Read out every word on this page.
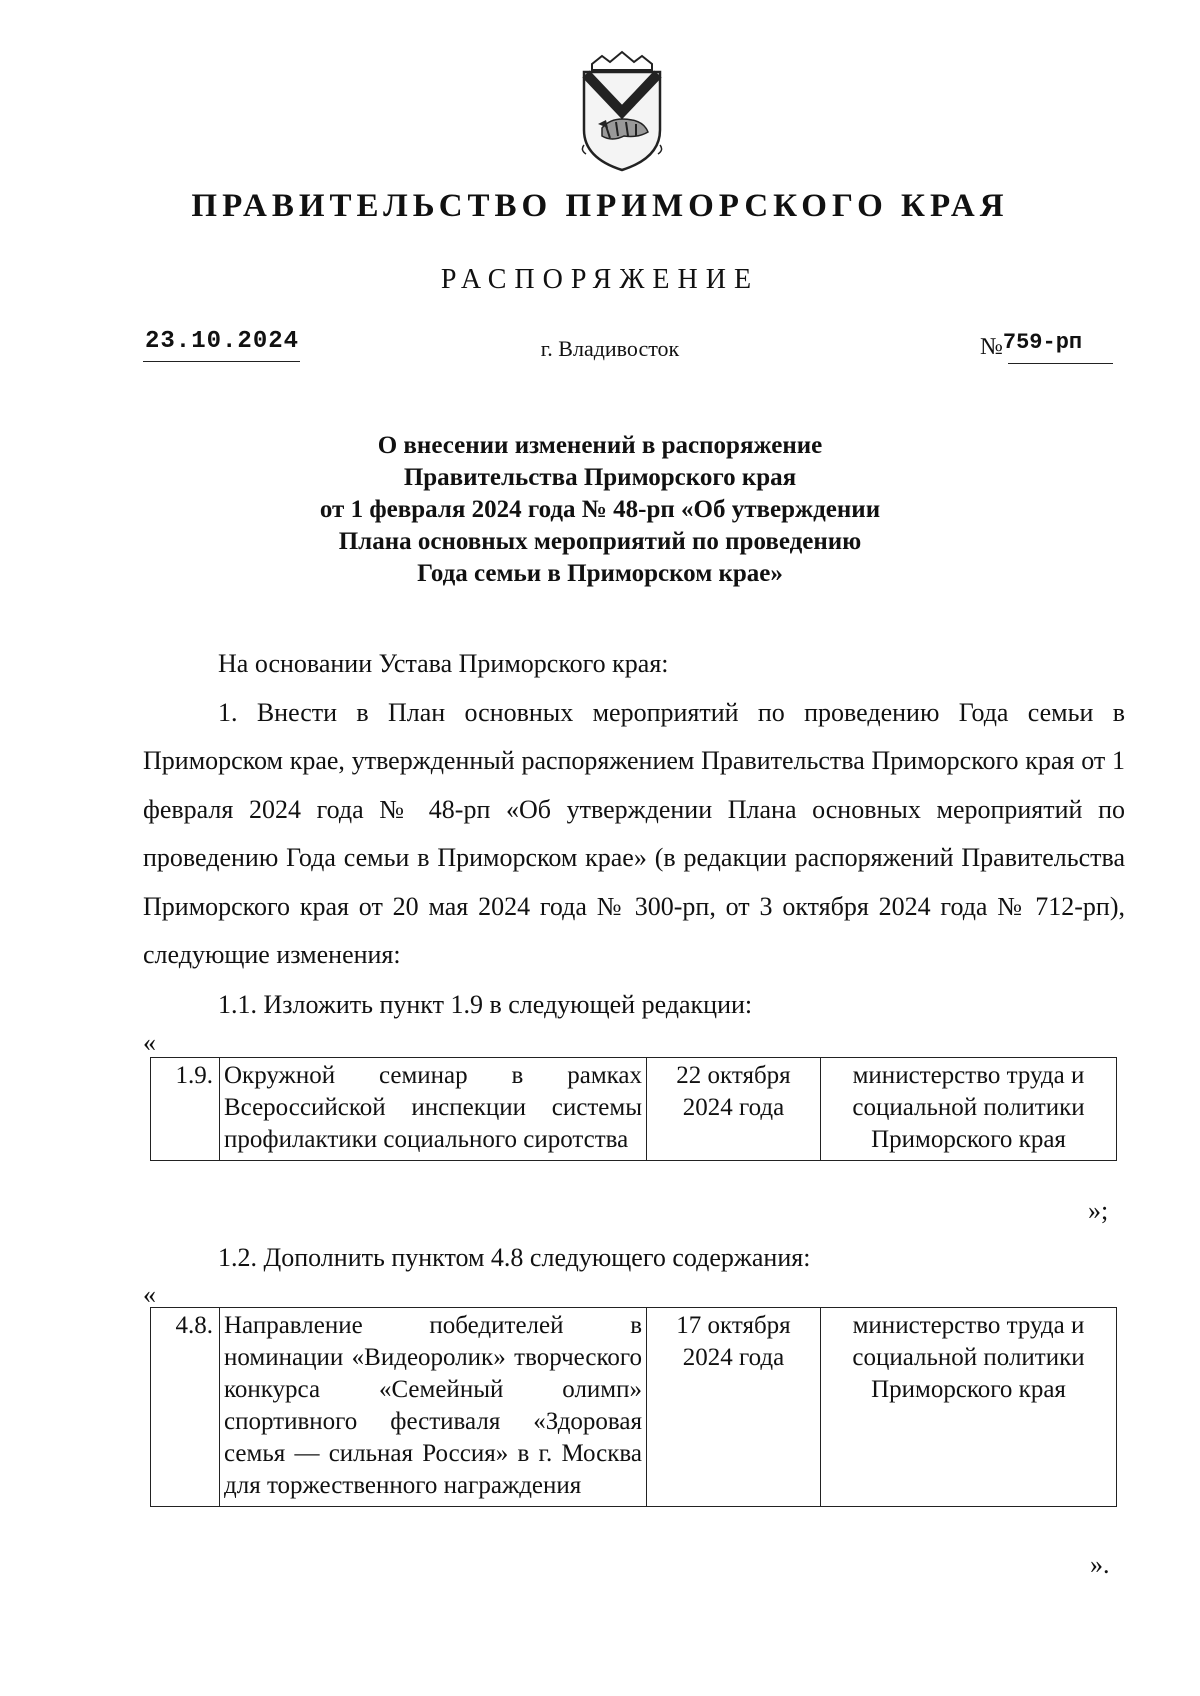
ПРАВИТЕЛЬСТВО ПРИМОРСКОГО КРАЯ
РАСПОРЯЖЕНИЕ
23.10.2024	г. Владивосток	№759-рп
О внесении изменений в распоряжение
Правительства Приморского края
от 1 февраля 2024 года № 48-рп «Об утверждении
Плана основных мероприятий по проведению
Года семьи в Приморском крае»

На основании Устава Приморского края:

1. Внести в План основных мероприятий по проведению Года семьи в Приморском крае, утвержденный распоряжением Правительства Приморского края от 1 февраля 2024 года № 48-рп «Об утверждении Плана основных мероприятий по проведению Года семьи в Приморском крае» (в редакции распоряжений Правительства Приморского края от 20 мая 2024 года № 300-рп, от 3 октября 2024 года № 712-рп), следующие изменения:

1.1. Изложить пункт 1.9 в следующей редакции:
«
1.9.	Окружной семинар в рамках Всероссийской инспекции системы профилактики социального сиротства	22 октября 2024 года	министерство труда и социальной политики Приморского края
»;
1.2. Дополнить пунктом 4.8 следующего содержания:
«
4.8.	Направление победителей в номинации «Видеоролик» творческого конкурса «Семейный олимп» спортивного фестиваля «Здоровая семья — сильная Россия» в г. Москва для торжественного награждения	17 октября 2024 года	министерство труда и социальной политики Приморского края
».
